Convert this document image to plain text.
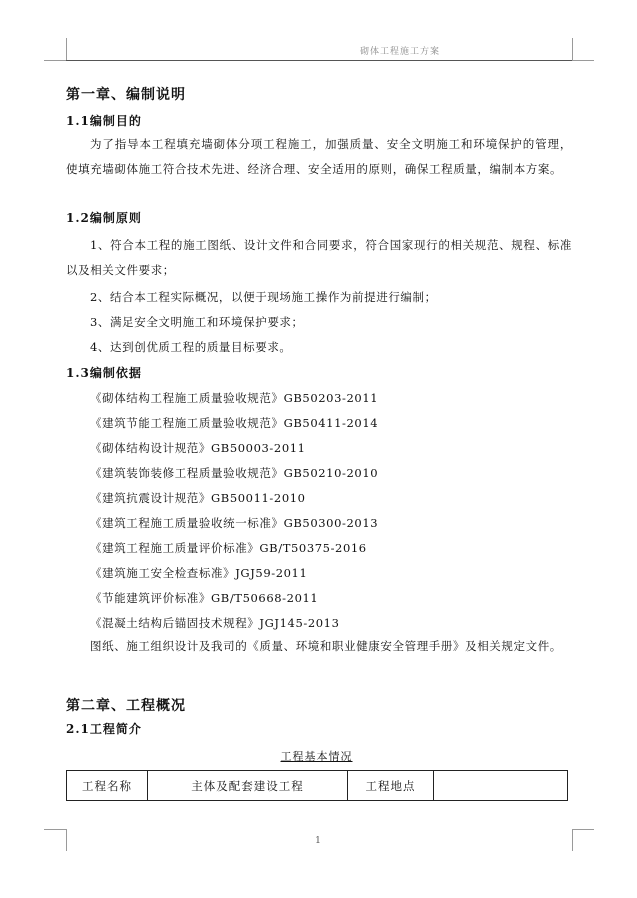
砌体工程施工方案
第一章、编制说明
1.1编制目的
为了指导本工程填充墙砌体分项工程施工，加强质量、安全文明施工和环境保护的管理，使填充墙砌体施工符合技术先进、经济合理、安全适用的原则，确保工程质量，编制本方案。
1.2编制原则
1、符合本工程的施工图纸、设计文件和合同要求，符合国家现行的相关规范、规程、标准以及相关文件要求；
2、结合本工程实际概况，以便于现场施工操作为前提进行编制；
3、满足安全文明施工和环境保护要求；
4、达到创优质工程的质量目标要求。
1.3编制依据
《砌体结构工程施工质量验收规范》GB50203-2011
《建筑节能工程施工质量验收规范》GB50411-2014
《砌体结构设计规范》GB50003-2011
《建筑装饰装修工程质量验收规范》GB50210-2010
《建筑抗震设计规范》GB50011-2010
《建筑工程施工质量验收统一标准》GB50300-2013
《建筑工程施工质量评价标准》GB/T50375-2016
《建筑施工安全检查标准》JGJ59-2011
《节能建筑评价标准》GB/T50668-2011
《混凝土结构后锚固技术规程》JGJ145-2013
图纸、施工组织设计及我司的《质量、环境和职业健康安全管理手册》及相关规定文件。
第二章、工程概况
2.1工程简介
工程基本情况
工程名称	主体及配套建设工程	工程地点	
1
